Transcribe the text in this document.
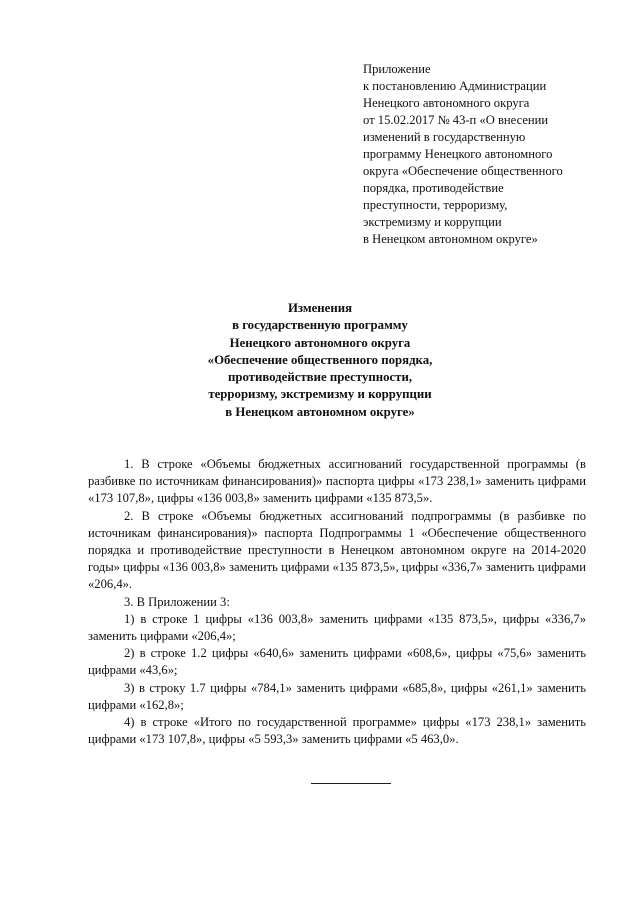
Приложение
к постановлению Администрации
Ненецкого автономного округа
от 15.02.2017 № 43-п «О внесении
изменений в государственную
программу Ненецкого автономного
округа «Обеспечение общественного
порядка, противодействие
преступности, терроризму,
экстремизму и коррупции
в Ненецком автономном округе»
Изменения
в государственную программу
Ненецкого автономного округа
«Обеспечение общественного порядка,
противодействие преступности,
терроризму, экстремизму и коррупции
в Ненецком автономном округе»

1. В строке «Объемы бюджетных ассигнований государственной программы (в разбивке по источникам финансирования)» паспорта цифры «173 238,1» заменить цифрами «173 107,8», цифры «136 003,8» заменить цифрами «135 873,5».

2. В строке «Объемы бюджетных ассигнований подпрограммы (в разбивке по источникам финансирования)» паспорта Подпрограммы 1 «Обеспечение общественного порядка и противодействие преступности в Ненецком автономном округе на 2014-2020 годы» цифры «136 003,8» заменить цифрами «135 873,5», цифры «336,7» заменить цифрами «206,4».

3. В Приложении 3:

1) в строке 1 цифры «136 003,8» заменить цифрами «135 873,5», цифры «336,7» заменить цифрами «206,4»;

2) в строке 1.2 цифры «640,6» заменить цифрами «608,6», цифры «75,6» заменить цифрами «43,6»;

3) в строку 1.7 цифры «784,1» заменить цифрами «685,8», цифры «261,1» заменить цифрами «162,8»;

4) в строке «Итого по государственной программе» цифры «173 238,1» заменить цифрами «173 107,8», цифры «5 593,3» заменить цифрами «5 463,0».
